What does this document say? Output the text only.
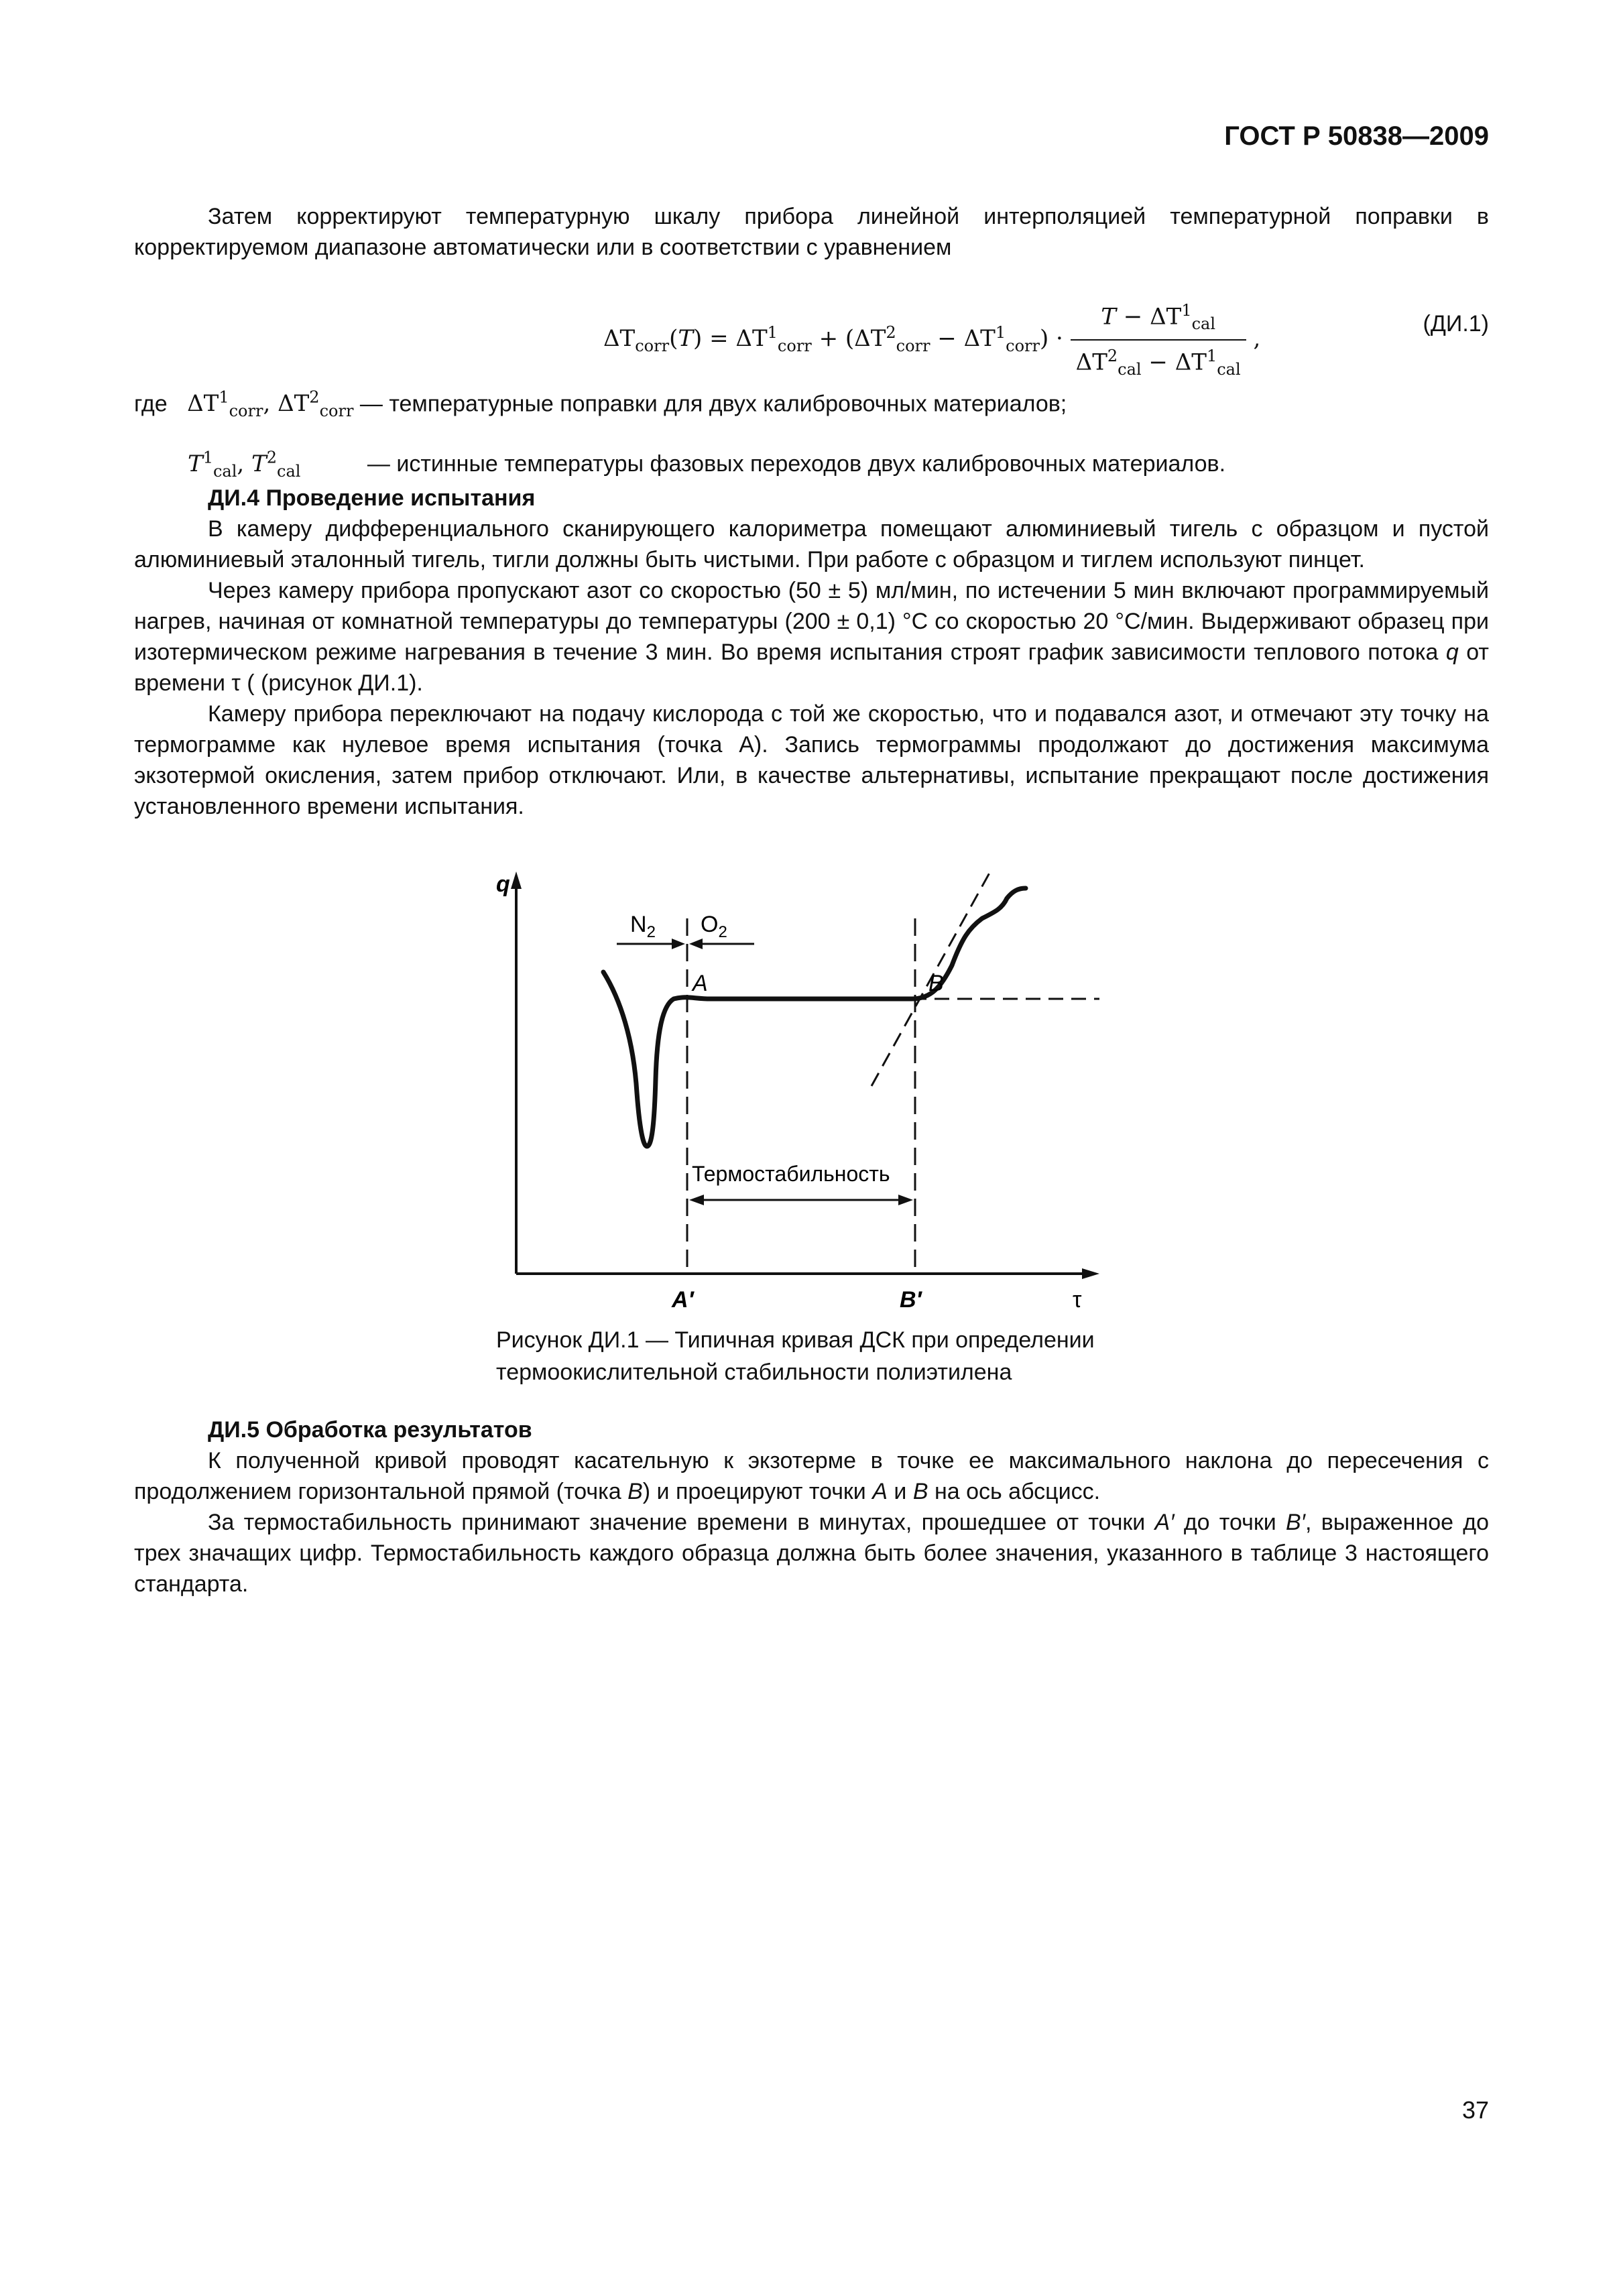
ГОСТ Р 50838—2009

Затем корректируют температурную шкалу прибора линейной интерполяцией температурной поправки в корректируемом диапазоне автоматически или в соответствии с уравнением

$\Delta T_{corr}(T) = \Delta T^1_{corr} + (\Delta T^2_{corr} - \Delta T^1_{corr}) \cdot \frac{T - \Delta T^1_{cal}}{\Delta T^2_{cal} - \Delta T^1_{cal}}$ ,
(ДИ.1)
где $\Delta T^1_{corr}$, $\Delta T^2_{corr}$ — температурные поправки для двух калибровочных материалов;
$T^1_{cal}$, $T^2_{cal}$	— истинные температуры фазовых переходов двух калибровочных материалов.

ДИ.4 Проведение испытания

В камеру дифференциального сканирующего калориметра помещают алюминиевый тигель с образцом и пустой алюминиевый эталонный тигель, тигли должны быть чистыми. При работе с образцом и тиглем используют пинцет.

Через камеру прибора пропускают азот со скоростью (50 ± 5) мл/мин, по истечении 5 мин включают программируемый нагрев, начиная от комнатной температуры до температуры (200 ± 0,1) °С со скоростью 20 °С/мин. Выдерживают образец при изотермическом режиме нагревания в течение 3 мин. Во время испытания строят график зависимости теплового потока q от времени τ ( (рисунок ДИ.1).

Камеру прибора переключают на подачу кислорода с той же скоростью, что и подавался азот, и отмечают эту точку на термограмме как нулевое время испытания (точка А). Запись термограммы продолжают до достижения максимума экзотермой окисления, затем прибор отключают. Или, в качестве альтернативы, испытание прекращают после достижения установленного времени испытания.

q
τ
$N_2$ $O_2$
A	B
A′	B′
Термостабильность
Рисунок ДИ.1 — Типичная кривая ДСК при определении термоокислительной стабильности полиэтилена

ДИ.5 Обработка результатов

К полученной кривой проводят касательную к экзотерме в точке ее максимального наклона до пересечения с продолжением горизонтальной прямой (точка B) и проецируют точки A и B на ось абсцисс.

За термостабильность принимают значение времени в минутах, прошедшее от точки A′ до точки B′, выраженное до трех значащих цифр. Термостабильность каждого образца должна быть более значения, указанного в таблице 3 настоящего стандарта.

37
